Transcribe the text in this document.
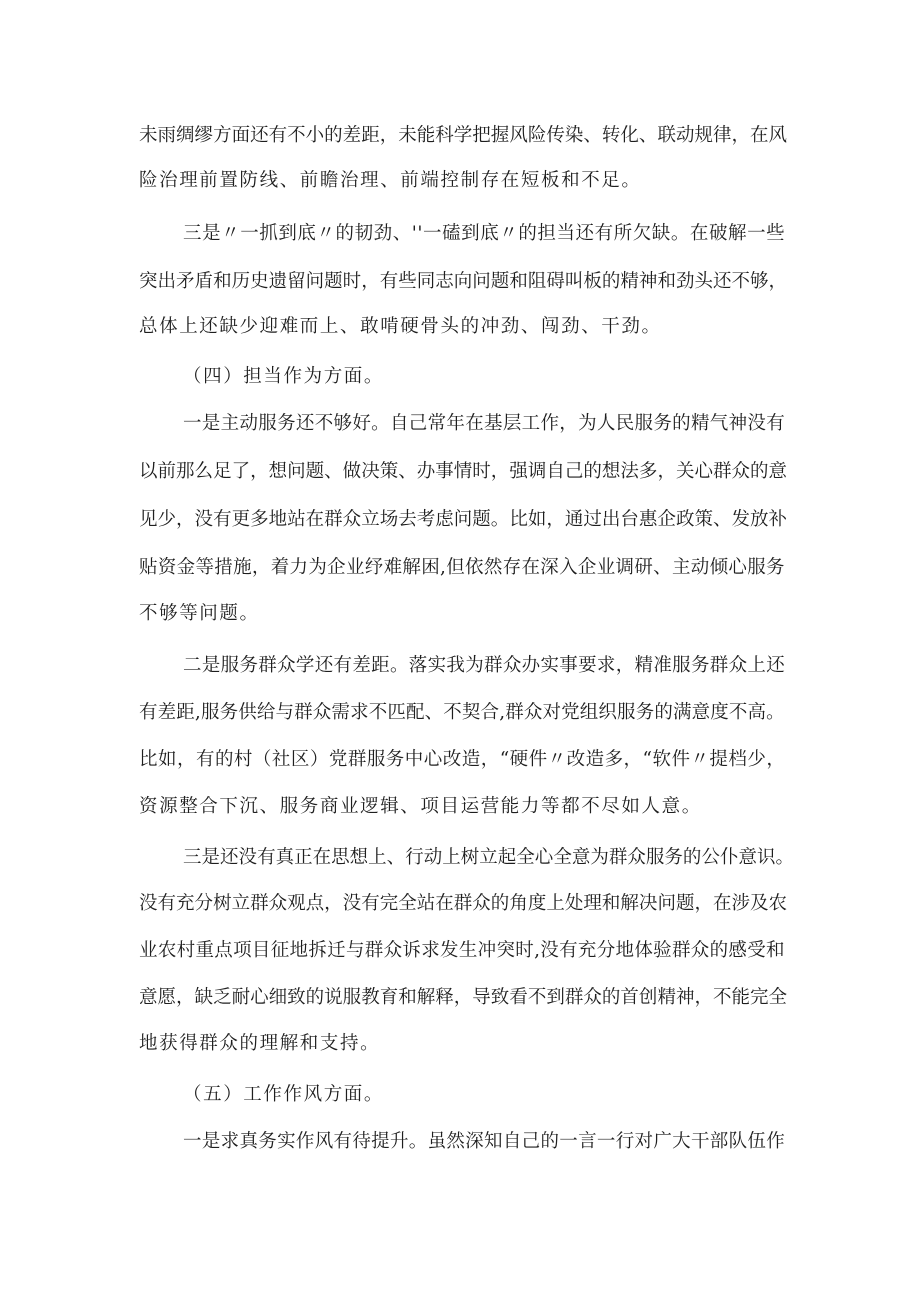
未 雨 绸 缪 方 面 还 有 不 小 的 差 距 ， 未 能 科 学 把 握 风 险 传 染 、 转 化 、 联 动 规 律 ， 在 风
险治理前置防线、前瞻治理、前端控制存在短板和不足。
三 是 〃 一 抓 到 底 〃 的 韧 劲 、 ' ' 一 磕 到 底 〃 的 担 当 还 有 所 欠 缺 。 在 破 解 一 些
突 出 矛 盾 和 历 史 遗 留 问 题 时 ， 有 些 同 志 向 问 题 和 阻 碍 叫 板 的 精 神 和 劲 头 还 不 够 ，
总体上还缺少迎难而上、敢啃硬骨头的冲劲、闯劲、干劲。
（四）担当作为方面。
一 是 主 动 服 务 还 不 够 好 。 自 己 常 年 在 基 层 工 作 ， 为 人 民 服 务 的 精 气 神 没 有
以 前 那 么 足 了 ， 想 问 题 、 做 决 策 、 办 事 情 时 ， 强 调 自 己 的 想 法 多 ， 关 心 群 众 的 意
见 少 ， 没 有 更 多 地 站 在 群 众 立 场 去 考 虑 问 题 。 比 如 ， 通 过 出 台 惠 企 政 策 、 发 放 补
贴 资 金 等 措 施 ， 着 力 为 企 业 纾 难 解 困 , 但 依 然 存 在 深 入 企 业 调 研 、 主 动 倾 心 服 务
不够等问题。
二 是 服 务 群 众 学 还 有 差 距 。 落 实 我 为 群 众 办 实 事 要 求 ， 精 准 服 务 群 众 上 还
有 差 距 , 服 务 供 给 与 群 众 需 求 不 匹 配 、 不 契 合 , 群 众 对 党 组 织 服 务 的 满 意 度 不 高 。
比 如 ， 有 的 村 （ 社 区 ） 党 群 服 务 中 心 改 造 ， “ 硬 件 〃 改 造 多 ， “ 软 件 〃 提 档 少 ，
资源整合下沉、服务商业逻辑、项目运营能力等都不尽如人意。
三 是 还 没 有 真 正 在 思 想 上 、 行 动 上 树 立 起 全 心 全 意 为 群 众 服 务 的 公 仆 意 识 。
没 有 充 分 树 立 群 众 观 点 ， 没 有 完 全 站 在 群 众 的 角 度 上 处 理 和 解 决 问 题 ， 在 涉 及 农
业 农 村 重 点 项 目 征 地 拆 迁 与 群 众 诉 求 发 生 冲 突 时 , 没 有 充 分 地 体 验 群 众 的 感 受 和
意 愿 ， 缺 乏 耐 心 细 致 的 说 服 教 育 和 解 释 ， 导 致 看 不 到 群 众 的 首 创 精 神 ， 不 能 完 全
地获得群众的理解和支持。
（五）工作作风方面。
一 是 求 真 务 实 作 风 有 待 提 升 。 虽 然 深 知 自 己 的 一 言 一 行 对 广 大 干 部 队 伍 作
